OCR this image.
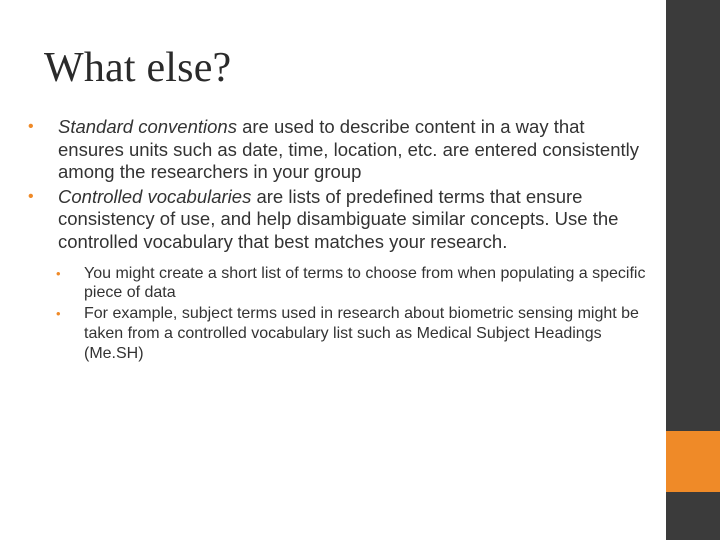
What else?
•	Standard conventions are used to describe content in a way that ensures units such as date, time, location, etc. are entered consistently among the researchers in your group
•	Controlled vocabularies are lists of predefined terms that ensure consistency of use, and help disambiguate similar concepts. Use the controlled vocabulary that best matches your research.
•	You might create a short list of terms to choose from when populating a specific piece of data
•	For example, subject terms used in research about biometric sensing might be taken from a controlled vocabulary list such as Medical Subject Headings (Me.SH)
